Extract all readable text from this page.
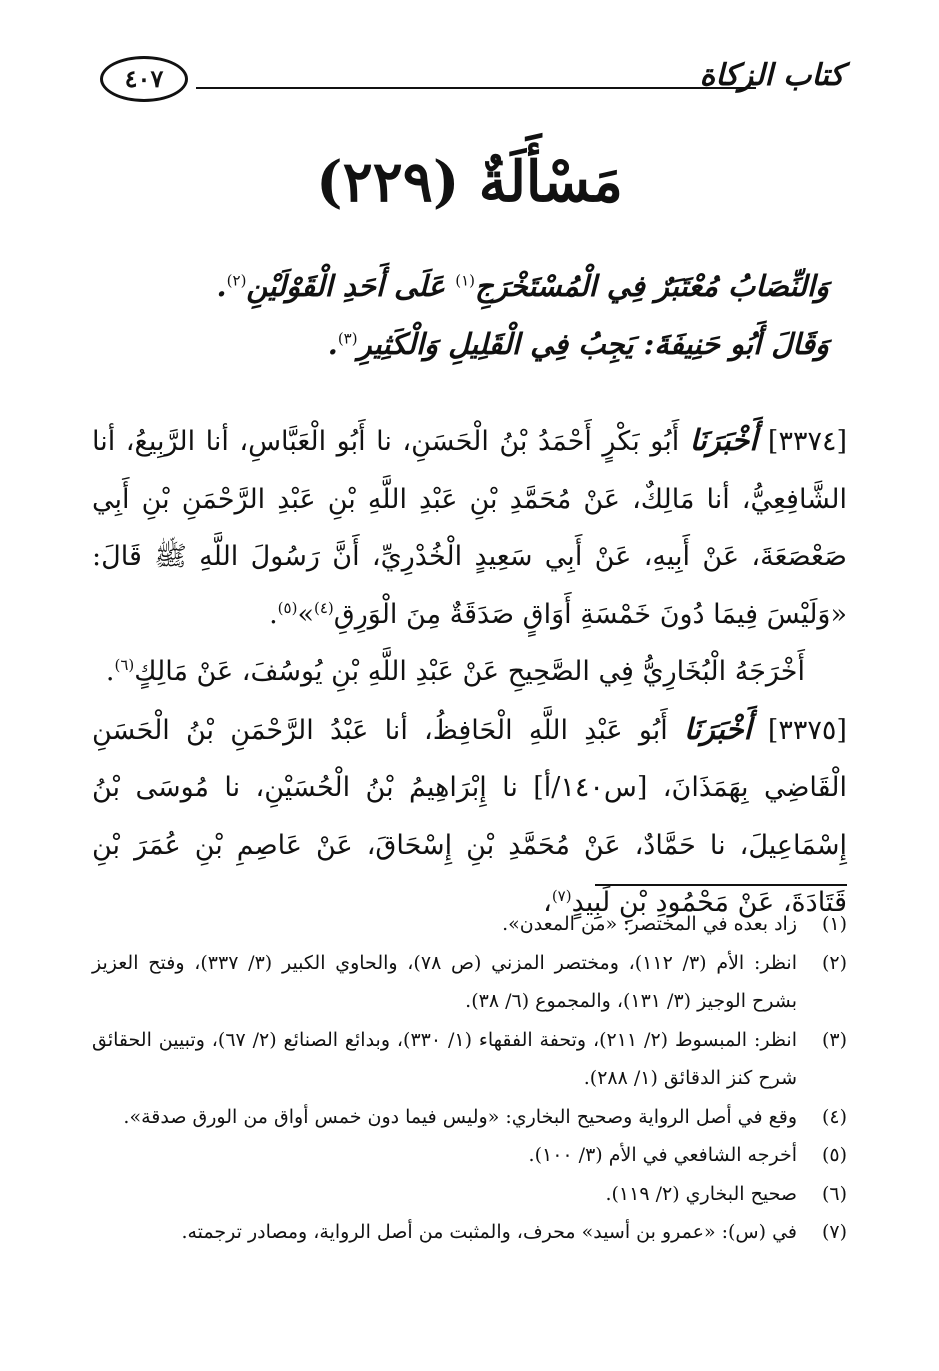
كتاب الزكاة
٤٠٧
مَسْأَلَةٌ (٢٢٩)
وَالنِّصَابُ مُعْتَبَرٌ فِي الْمُسْتَخْرَجِ$^{(١)}$ عَلَى أَحَدِ الْقَوْلَيْنِ$^{(٢)}$.
وَقَالَ أَبُو حَنِيفَةَ: يَجِبُ فِي الْقَلِيلِ وَالْكَثِيرِ$^{(٣)}$.

[٣٣٧٤] أَخْبَرَنَا أَبُو بَكْرٍ أَحْمَدُ بْنُ الْحَسَنِ، نا أَبُو الْعَبَّاسِ، أنا الرَّبِيعُ، أنا الشَّافِعِيُّ، أنا مَالِكٌ، عَنْ مُحَمَّدِ بْنِ عَبْدِ اللَّهِ بْنِ عَبْدِ الرَّحْمَنِ بْنِ أَبِي صَعْصَعَةَ، عَنْ أَبِيهِ، عَنْ أَبِي سَعِيدٍ الْخُدْرِيِّ، أَنَّ رَسُولَ اللَّهِ ﷺ قَالَ: «وَلَيْسَ فِيمَا دُونَ خَمْسَةِ أَوَاقٍ صَدَقَةٌ مِنَ الْوَرِقِ$^{(٤)}$»$^{(٥)}$.

أَخْرَجَهُ الْبُخَارِيُّ فِي الصَّحِيحِ عَنْ عَبْدِ اللَّهِ بْنِ يُوسُفَ، عَنْ مَالِكٍ$^{(٦)}$.

[٣٣٧٥] أَخْبَرَنَا أَبُو عَبْدِ اللَّهِ الْحَافِظُ، أنا عَبْدُ الرَّحْمَنِ بْنُ الْحَسَنِ الْقَاضِي بِهَمَذَانَ، [س١٤٠/أ] نا إِبْرَاهِيمُ بْنُ الْحُسَيْنِ، نا مُوسَى بْنُ إِسْمَاعِيلَ، نا حَمَّادٌ، عَنْ مُحَمَّدِ بْنِ إِسْحَاقَ، عَنْ عَاصِمِ بْنِ عُمَرَ بْنِ قَتَادَةَ، عَنْ مَحْمُودِ بْنِ لَبِيدٍ$^{(٧)}$،

(١)
زاد بعده في المختصر: «من المعدن».
(٢)
انظر: الأم (٣/ ١١٢)، ومختصر المزني (ص ٧٨)، والحاوي الكبير (٣/ ٣٣٧)، وفتح العزيز بشرح الوجيز (٣/ ١٣١)، والمجموع (٦/ ٣٨).
(٣)
انظر: المبسوط (٢/ ٢١١)، وتحفة الفقهاء (١/ ٣٣٠)، وبدائع الصنائع (٢/ ٦٧)، وتبيين الحقائق شرح كنز الدقائق (١/ ٢٨٨).
(٤)
وقع في أصل الرواية وصحيح البخاري: «وليس فيما دون خمس أواق من الورق صدقة».
(٥)
أخرجه الشافعي في الأم (٣/ ١٠٠).
(٦)
صحيح البخاري (٢/ ١١٩).
(٧)
في (س): «عمرو بن أسيد» محرف، والمثبت من أصل الرواية، ومصادر ترجمته.
